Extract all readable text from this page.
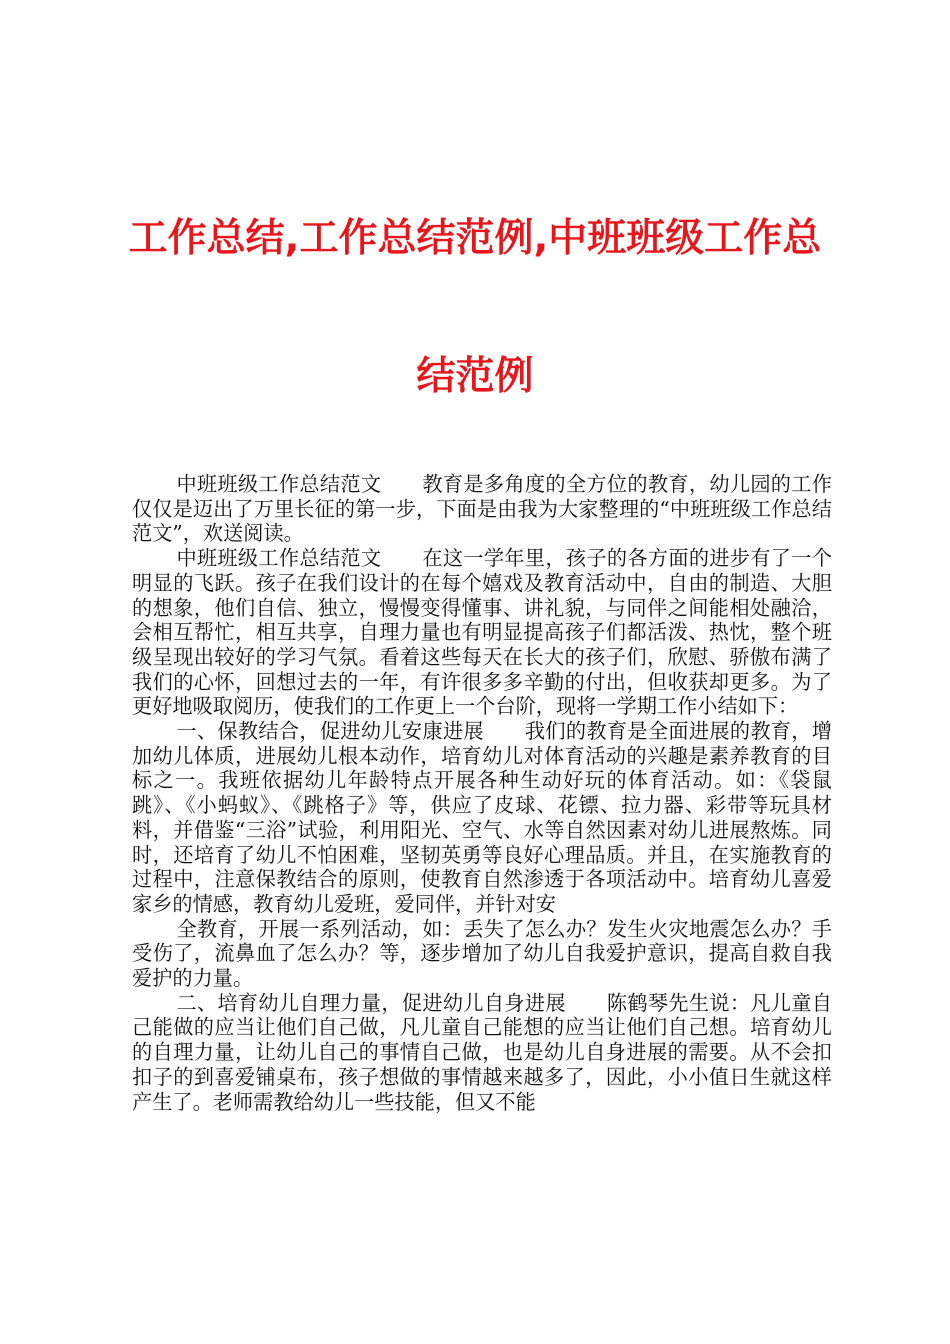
工作总结,工作总结范例,中班班级工作总结范例

中班班级工作总结范文　　教育是多角度的全方位的教育，幼儿园的工作仅仅是迈出了万里长征的第一步，下面是由我为大家整理的“中班班级工作总结范文”，欢送阅读。

中班班级工作总结范文　　在这一学年里，孩子的各方面的进步有了一个明显的飞跃。孩子在我们设计的在每个嬉戏及教育活动中，自由的制造、大胆的想象，他们自信、独立，慢慢变得懂事、讲礼貌，与同伴之间能相处融洽，会相互帮忙，相互共享，自理力量也有明显提高孩子们都活泼、热忱，整个班级呈现出较好的学习气氛。看着这些每天在长大的孩子们，欣慰、骄傲布满了我们的心怀，回想过去的一年，有许很多多辛勤的付出，但收获却更多。为了更好地吸取阅历，使我们的工作更上一个台阶，现将一学期工作小结如下：

一、保教结合，促进幼儿安康进展　　我们的教育是全面进展的教育，增加幼儿体质，进展幼儿根本动作，培育幼儿对体育活动的兴趣是素养教育的目标之一。我班依据幼儿年龄特点开展各种生动好玩的体育活动。如：《袋鼠跳》、《小蚂蚁》、《跳格子》等，供应了皮球、花镖、拉力器、彩带等玩具材料，并借鉴“三浴”试验，利用阳光、空气、水等自然因素对幼儿进展熬炼。同时，还培育了幼儿不怕困难，坚韧英勇等良好心理品质。并且，在实施教育的过程中，注意保教结合的原则，使教育自然渗透于各项活动中。培育幼儿喜爱家乡的情感，教育幼儿爱班，爱同伴，并针对安

全教育，开展一系列活动，如：丢失了怎么办？发生火灾地震怎么办？手受伤了，流鼻血了怎么办？等，逐步增加了幼儿自我爱护意识，提高自救自我爱护的力量。

二、培育幼儿自理力量，促进幼儿自身进展　　陈鹤琴先生说：凡儿童自己能做的应当让他们自己做，凡儿童自己能想的应当让他们自己想。培育幼儿的自理力量，让幼儿自己的事情自己做，也是幼儿自身进展的需要。从不会扣扣子的到喜爱铺桌布，孩子想做的事情越来越多了，因此，小小值日生就这样产生了。老师需教给幼儿一些技能，但又不能
